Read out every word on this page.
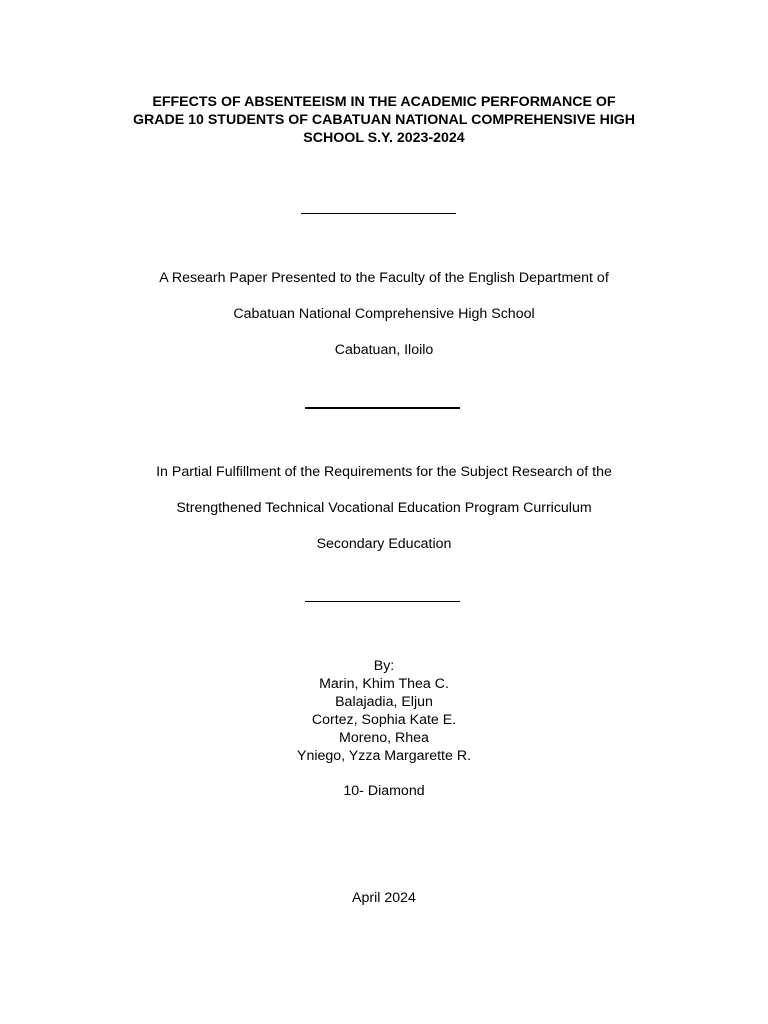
EFFECTS OF ABSENTEEISM IN THE ACADEMIC PERFORMANCE OF
GRADE 10 STUDENTS OF CABATUAN NATIONAL COMPREHENSIVE HIGH
SCHOOL S.Y. 2023-2024
A Researh Paper Presented to the Faculty of the English Department of
Cabatuan National Comprehensive High School
Cabatuan, Iloilo
In Partial Fulfillment of the Requirements for the Subject Research of the
Strengthened Technical Vocational Education Program Curriculum
Secondary Education
By:
Marin, Khim Thea C.
Balajadia, Eljun
Cortez, Sophia Kate E.
Moreno, Rhea
Yniego, Yzza Margarette R.
10- Diamond
April 2024
